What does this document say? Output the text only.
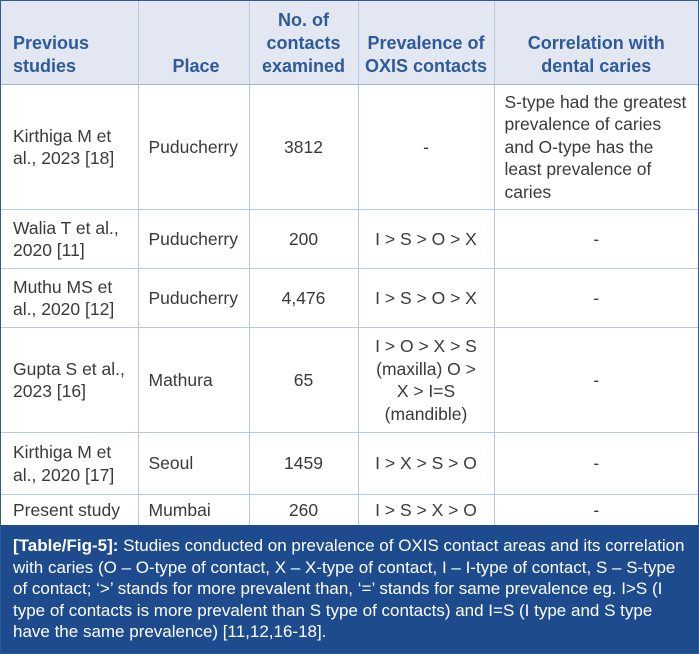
Previous studies	Place	No. of contacts examined	Prevalence of OXIS contacts	Correlation with dental caries
Kirthiga M et al., 2023 [18]	Puducherry	3812	-	S-type had the greatest prevalence of caries and O-type has the least prevalence of caries
Walia T et al., 2020 [11]	Puducherry	200	I > S > O > X	-
Muthu MS et al., 2020 [12]	Puducherry	4,476	I > S > O > X	-
Gupta S et al., 2023 [16]	Mathura	65	I > O > X > S (maxilla) O > X > I=S (mandible)	-
Kirthiga M et al., 2020 [17]	Seoul	1459	I > X > S > O	-
Present study	Mumbai	260	I > S > X > O	-
[Table/Fig-5]: Studies conducted on prevalence of OXIS contact areas and its correlation with caries (O – O-type of contact, X – X-type of contact, I – I-type of contact, S – S-type of contact; ‘>’ stands for more prevalent than, ‘=’ stands for same prevalence eg. I>S (I type of contacts is more prevalent than S type of contacts) and I=S (I type and S type have the same prevalence) [11,12,16-18].
